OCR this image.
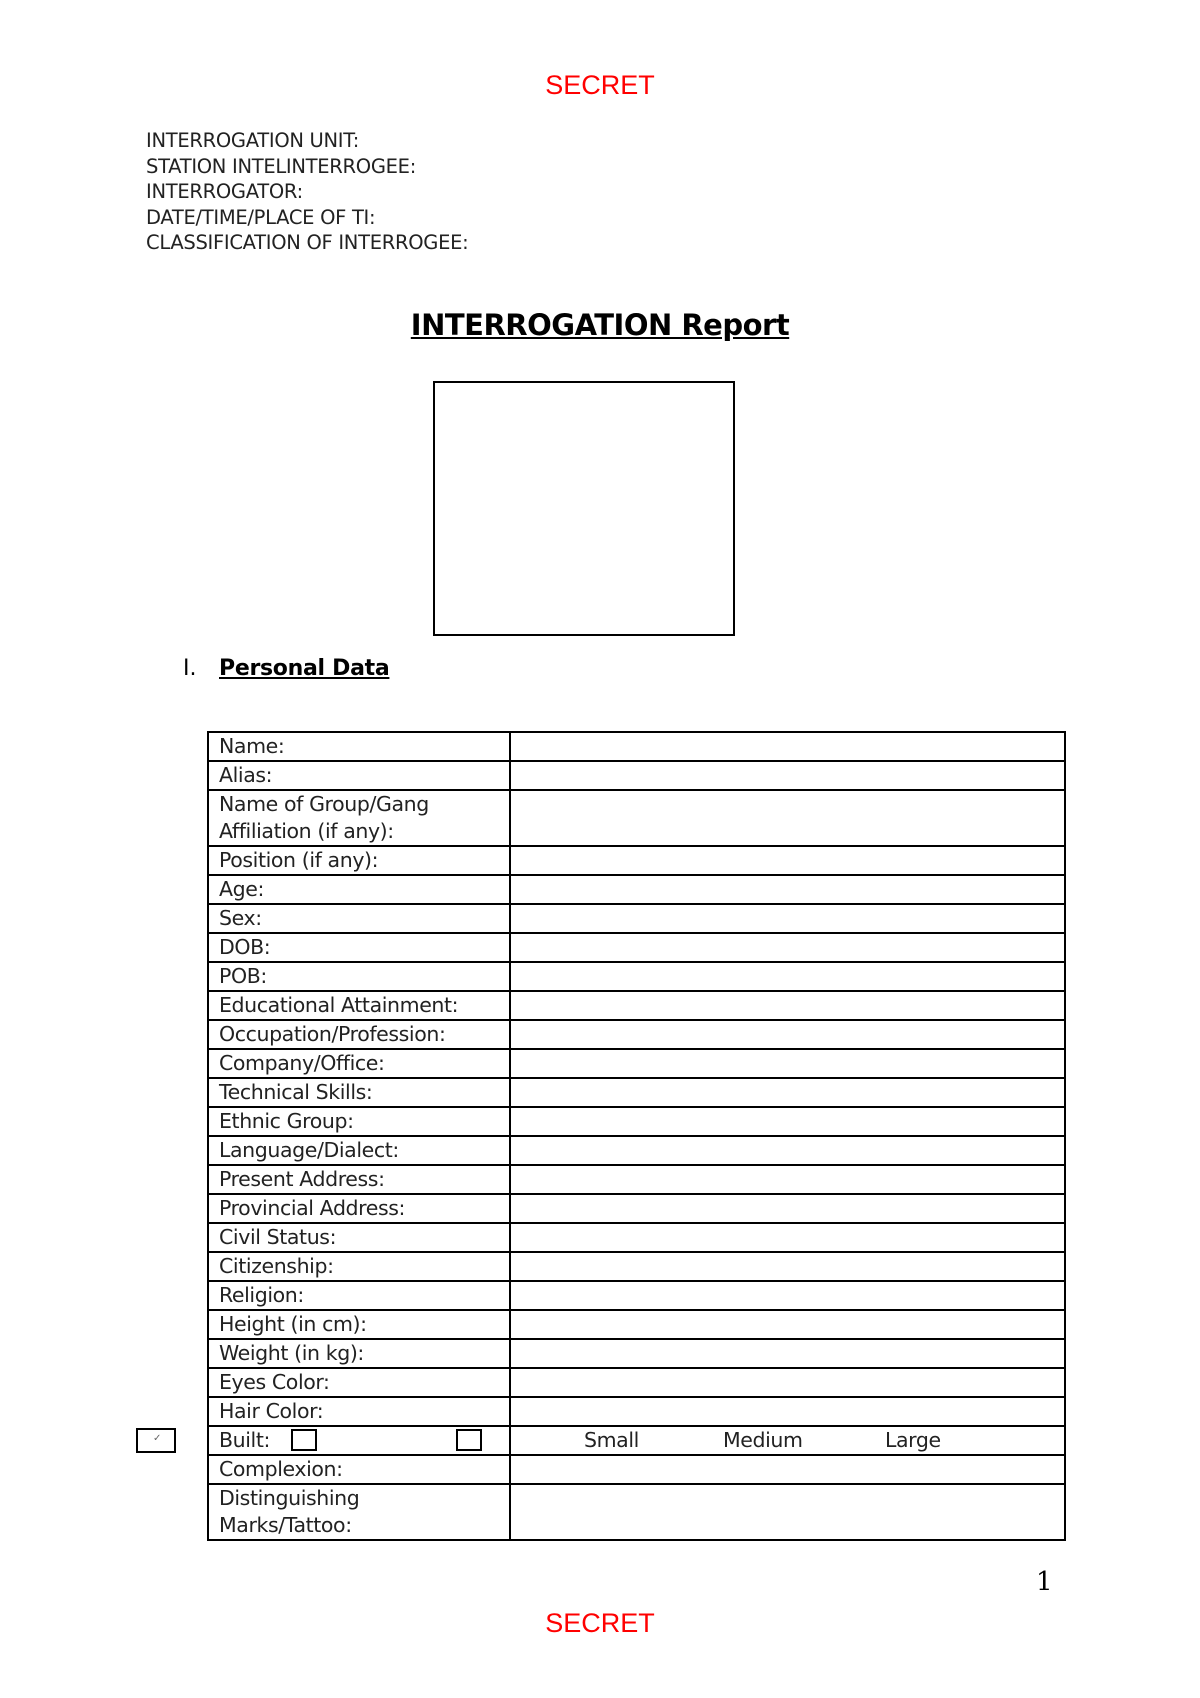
SECRET
INTERROGATION UNIT:
STATION INTELINTERROGEE:
INTERROGATOR:
DATE/TIME/PLACE OF TI:
CLASSIFICATION OF INTERROGEE:
INTERROGATION Report
I. Personal Data
✓
Name:	
Alias:	

Name of Group/Gang
Affiliation (if any):	

Position (if any):	
Age:	
Sex:	
DOB:	
POB:	
Educational Attainment:	
Occupation/Profession:	
Company/Office:	
Technical Skills:	
Ethnic Group:	
Language/Dialect:	
Present Address:	
Provincial Address:	
Civil Status:	
Citizenship:	
Religion:	
Height (in cm):	
Weight (in kg):	
Eyes Color:	
Hair Color:	
Built:	Small Medium Large

Complexion:	

Distinguishing
Marks/Tattoo:	

1
SECRET
